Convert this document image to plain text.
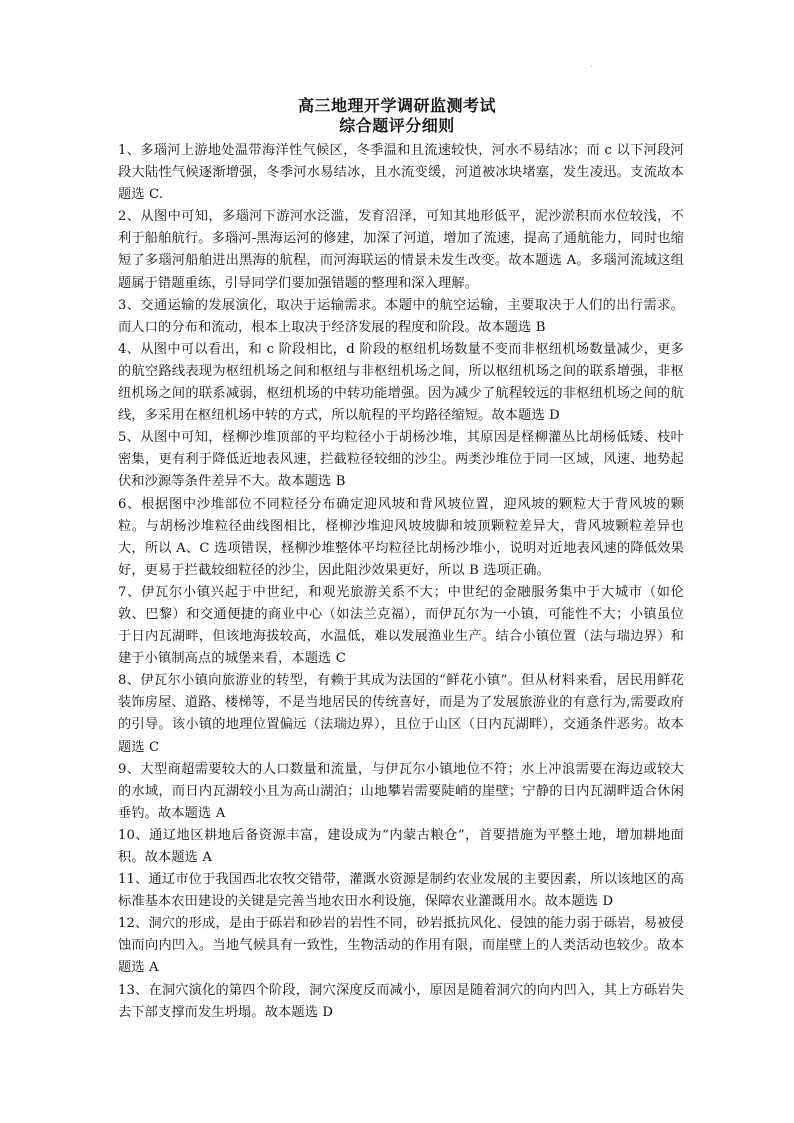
·

高三地理开学调研监测考试

综合题评分细则

1、多瑙河上游地处温带海洋性气候区，冬季温和且流速较快，河水不易结冰；而 c 以下河段河段大陆性气候逐渐增强，冬季河水易结冰，且水流变缓，河道被冰块堵塞，发生凌迅。支流故本题选 C.

2、从图中可知，多瑙河下游河水泛滥，发育沼泽，可知其地形低平，泥沙淤积而水位较浅，不利于船舶航行。多瑙河-黑海运河的修建，加深了河道，增加了流速，提高了通航能力，同时也缩短了多瑙河船舶进出黑海的航程，而河海联运的情景未发生改变。故本题选 A。多瑙河流域这组题属于错题重练，引导同学们要加强错题的整理和深入理解。

3、交通运输的发展演化，取决于运输需求。本题中的航空运输，主要取决于人们的出行需求。而人口的分布和流动，根本上取决于经济发展的程度和阶段。故本题选 B

4、从图中可以看出，和 c 阶段相比，d 阶段的枢纽机场数量不变而非枢纽机场数量减少，更多的航空路线表现为枢纽机场之间和枢纽与非枢纽机场之间，所以枢纽机场之间的联系增强，非枢纽机场之间的联系减弱，枢纽机场的中转功能增强。因为减少了航程较远的非枢纽机场之间的航线，多采用在枢纽机场中转的方式，所以航程的平均路径缩短。故本题选 D

5、从图中可知，柽柳沙堆顶部的平均粒径小于胡杨沙堆，其原因是柽柳灌丛比胡杨低矮、枝叶密集，更有利于降低近地表风速，拦截粒径较细的沙尘。两类沙堆位于同一区域，风速、地势起伏和沙源等条件差异不大。故本题选 B

6、根据图中沙堆部位不同粒径分布确定迎风坡和背风坡位置，迎风坡的颗粒大于背风坡的颗粒。与胡杨沙堆粒径曲线图相比，柽柳沙堆迎风坡坡脚和坡顶颗粒差异大，背风坡颗粒差异也大，所以 A、C 选项错误，柽柳沙堆整体平均粒径比胡杨沙堆小，说明对近地表风速的降低效果好，更易于拦截较细粒径的沙尘，因此阻沙效果更好，所以 B 选项正确。

7、伊瓦尔小镇兴起于中世纪，和观光旅游关系不大；中世纪的金融服务集中于大城市（如伦敦、巴黎）和交通便捷的商业中心（如法兰克福），而伊瓦尔为一小镇，可能性不大；小镇虽位于日内瓦湖畔，但该地海拔较高，水温低，难以发展渔业生产。结合小镇位置（法与瑞边界）和建于小镇制高点的城堡来看，本题选 C

8、伊瓦尔小镇向旅游业的转型，有赖于其成为法国的“鲜花小镇”。但从材料来看，居民用鲜花装饰房屋、道路、楼梯等，不是当地居民的传统喜好，而是为了发展旅游业的有意行为,需要政府的引导。该小镇的地理位置偏远（法瑞边界），且位于山区（日内瓦湖畔），交通条件恶劣。故本题选 C

9、大型商超需要较大的人口数量和流量，与伊瓦尔小镇地位不符；水上冲浪需要在海边或较大的水域，而日内瓦湖较小且为高山湖泊；山地攀岩需要陡峭的崖壁；宁静的日内瓦湖畔适合休闲垂钓。故本题选 A

10、通辽地区耕地后备资源丰富，建设成为“内蒙古粮仓”，首要措施为平整土地，增加耕地面积。故本题选 A

11、通辽市位于我国西北农牧交错带，灌溉水资源是制约农业发展的主要因素，所以该地区的高标准基本农田建设的关键是完善当地农田水利设施，保障农业灌溉用水。故本题选 D

12、洞穴的形成，是由于砾岩和砂岩的岩性不同，砂岩抵抗风化、侵蚀的能力弱于砾岩，易被侵蚀而向内凹入。当地气候具有一致性，生物活动的作用有限，而崖壁上的人类活动也较少。故本题选 A

13、在洞穴演化的第四个阶段，洞穴深度反而减小，原因是随着洞穴的向内凹入，其上方砾岩失去下部支撑而发生坍塌。故本题选 D
